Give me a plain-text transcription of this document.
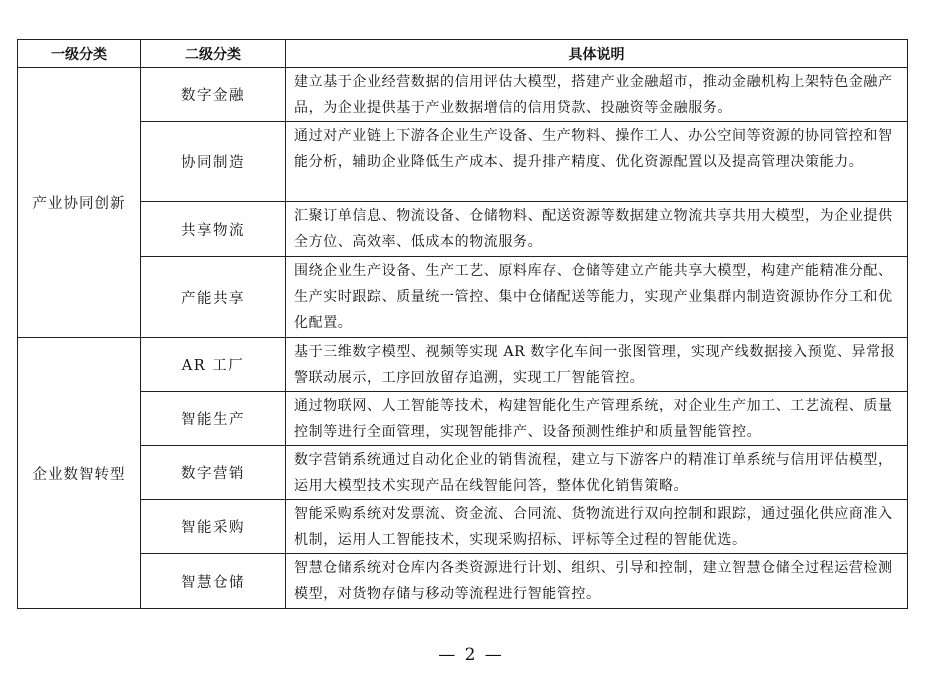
一级分类	二级分类	具体说明
产业协同创新	数字金融	建立基于企业经营数据的信用评估大模型，搭建产业金融超市，推动金融机构上架特色金融产品，为企业提供基于产业数据增信的信用贷款、投融资等金融服务。
	协同制造	通过对产业链上下游各企业生产设备、生产物料、操作工人、办公空间等资源的协同管控和智能分析，辅助企业降低生产成本、提升排产精度、优化资源配置以及提高管理决策能力。
	共享物流	汇聚订单信息、物流设备、仓储物料、配送资源等数据建立物流共享共用大模型，为企业提供全方位、高效率、低成本的物流服务。
	产能共享	围绕企业生产设备、生产工艺、原料库存、仓储等建立产能共享大模型，构建产能精准分配、生产实时跟踪、质量统一管控、集中仓储配送等能力，实现产业集群内制造资源协作分工和优化配置。
企业数智转型	AR 工厂	基于三维数字模型、视频等实现 AR 数字化车间一张图管理，实现产线数据接入预览、异常报警联动展示，工序回放留存追溯，实现工厂智能管控。
	智能生产	通过物联网、人工智能等技术，构建智能化生产管理系统，对企业生产加工、工艺流程、质量控制等进行全面管理，实现智能排产、设备预测性维护和质量智能管控。
	数字营销	数字营销系统通过自动化企业的销售流程，建立与下游客户的精准订单系统与信用评估模型，运用大模型技术实现产品在线智能问答，整体优化销售策略。
	智能采购	智能采购系统对发票流、资金流、合同流、货物流进行双向控制和跟踪，通过强化供应商准入机制，运用人工智能技术，实现采购招标、评标等全过程的智能优选。
	智慧仓储	智慧仓储系统对仓库内各类资源进行计划、组织、引导和控制，建立智慧仓储全过程运营检测模型，对货物存储与移动等流程进行智能管控。
— 2 —
